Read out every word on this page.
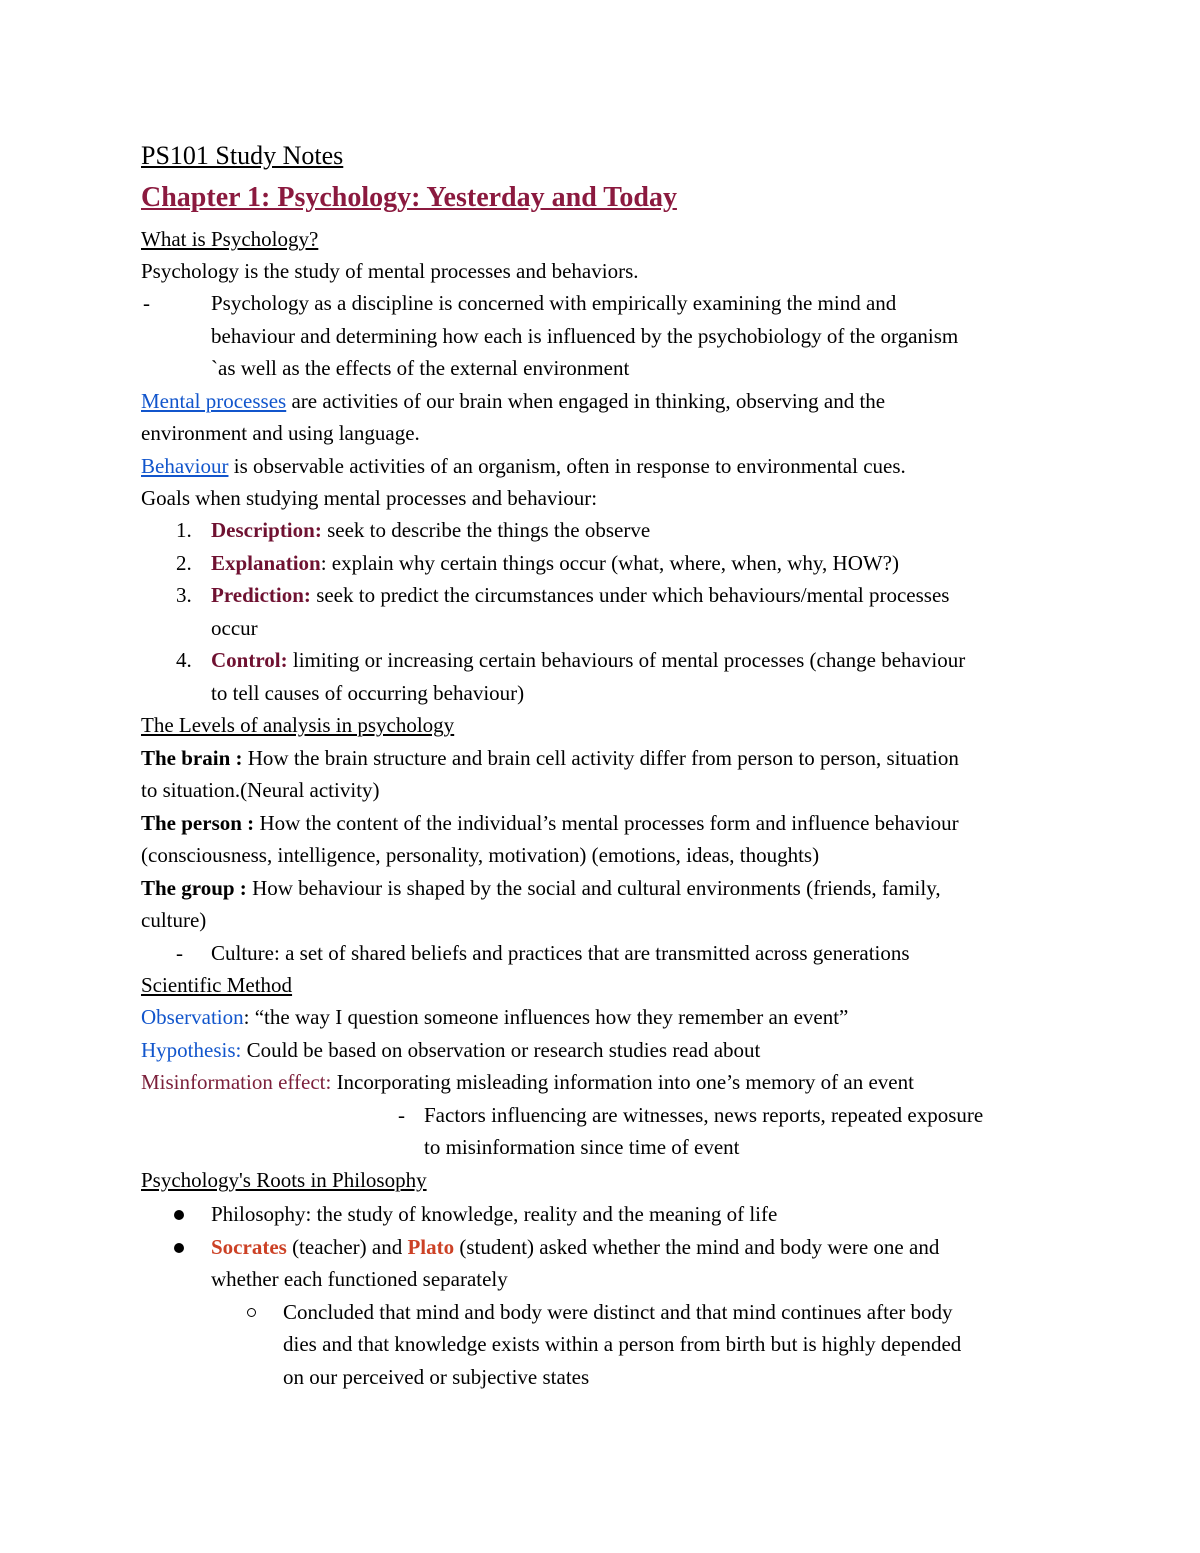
PS101 Study Notes
Chapter 1: Psychology: Yesterday and Today
What is Psychology?
Psychology is the study of mental processes and behaviors.
-	Psychology as a discipline is concerned with empirically examining the mind and
behaviour and determining how each is influenced by the psychobiology of the organism
`as well as the effects of the external environment
Mental processes are activities of our brain when engaged in thinking, observing and the
environment and using language.
Behaviour is observable activities of an organism, often in response to environmental cues.
Goals when studying mental processes and behaviour:
1. Description: seek to describe the things the observe
2. Explanation: explain why certain things occur (what, where, when, why, HOW?)
3. Prediction: seek to predict the circumstances under which behaviours/mental processes
occur
4. Control: limiting or increasing certain behaviours of mental processes (change behaviour
to tell causes of occurring behaviour)
The Levels of analysis in psychology
The brain : How the brain structure and brain cell activity differ from person to person, situation
to situation.(Neural activity)
The person : How the content of the individual’s mental processes form and influence behaviour
(consciousness, intelligence, personality, motivation) (emotions, ideas, thoughts)
The group : How behaviour is shaped by the social and cultural environments (friends, family,
culture)
- Culture: a set of shared beliefs and practices that are transmitted across generations
Scientific Method
Observation: “the way I question someone influences how they remember an event”
Hypothesis: Could be based on observation or research studies read about
Misinformation effect: Incorporating misleading information into one’s memory of an event
- Factors influencing are witnesses, news reports, repeated exposure
to misinformation since time of event
Psychology's Roots in Philosophy
Philosophy: the study of knowledge, reality and the meaning of life
Socrates (teacher) and Plato (student) asked whether the mind and body were one and
whether each functioned separately
Concluded that mind and body were distinct and that mind continues after body
dies and that knowledge exists within a person from birth but is highly depended
on our perceived or subjective states
